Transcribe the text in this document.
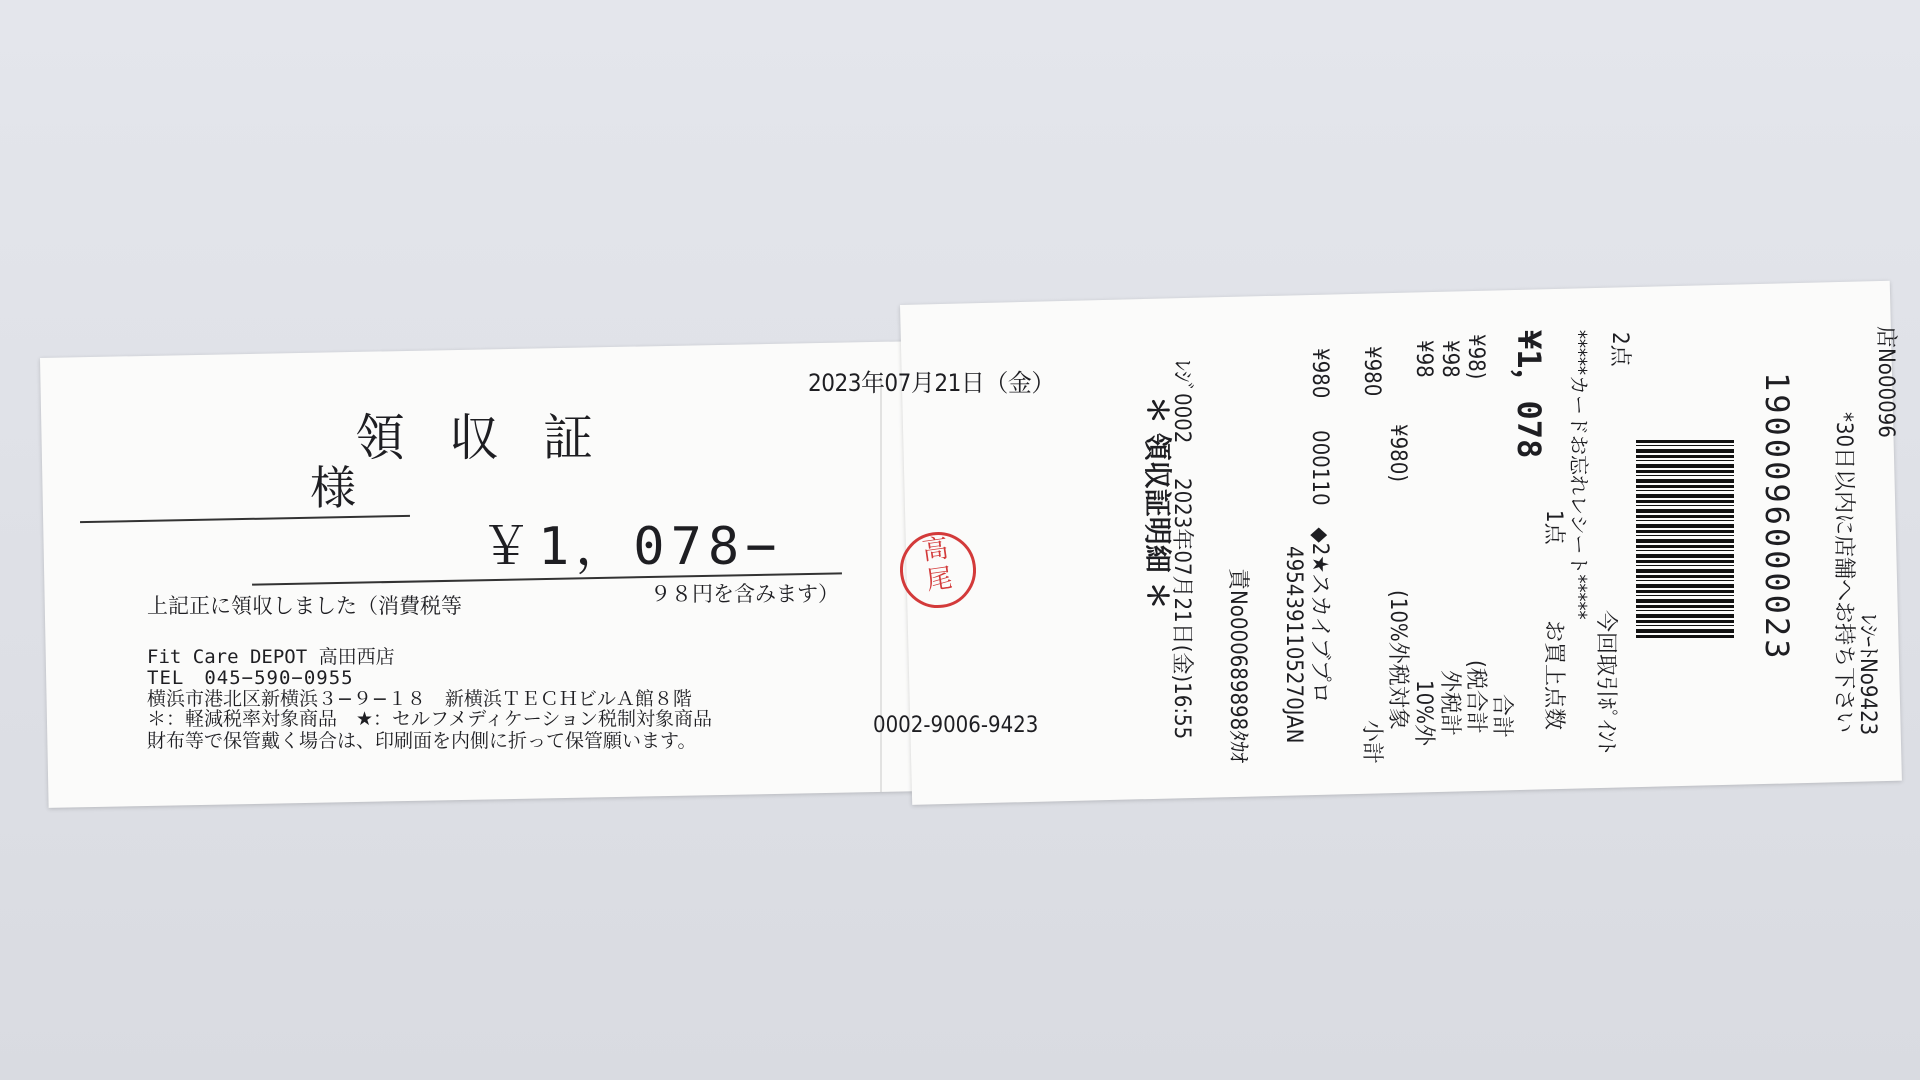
2023年07月21日（金）
領収証
様
￥1，078−
上記正に領収しました（消費税等	９８円を含みます）
Fit Care DEPOT 高田西店
TEL　045−590−0955
横浜市港北区新横浜３−９−１８　新横浜ＴＥＣＨビルＡ館８階
＊：軽減税率対象商品　★：セルフメディケーション税制対象商品
財布等で保管戴く場合は、印刷面を内側に折って保管願います。
0002-9006-9423
高
尾	＊ 領収証明細 ＊
2023年07月21日(金)16:55
ﾚｼﾞ0002
責No000689898ﾀｶｵ 4954391105270JAN 000110　◆2★スカイブプロ
¥980
小計
¥980
(10%外税対象
¥980)
10%外
¥98
外税計
¥98
(税合計
¥98)
合計
¥1，078
お買上点数
1点 *****カードお忘れレシート*****
今回取引ﾎﾟｲﾝﾄ
2点
1900096000023 *30日以内に店舗へお持ち下さい ﾚｼｰﾄNo9423
店No00096
